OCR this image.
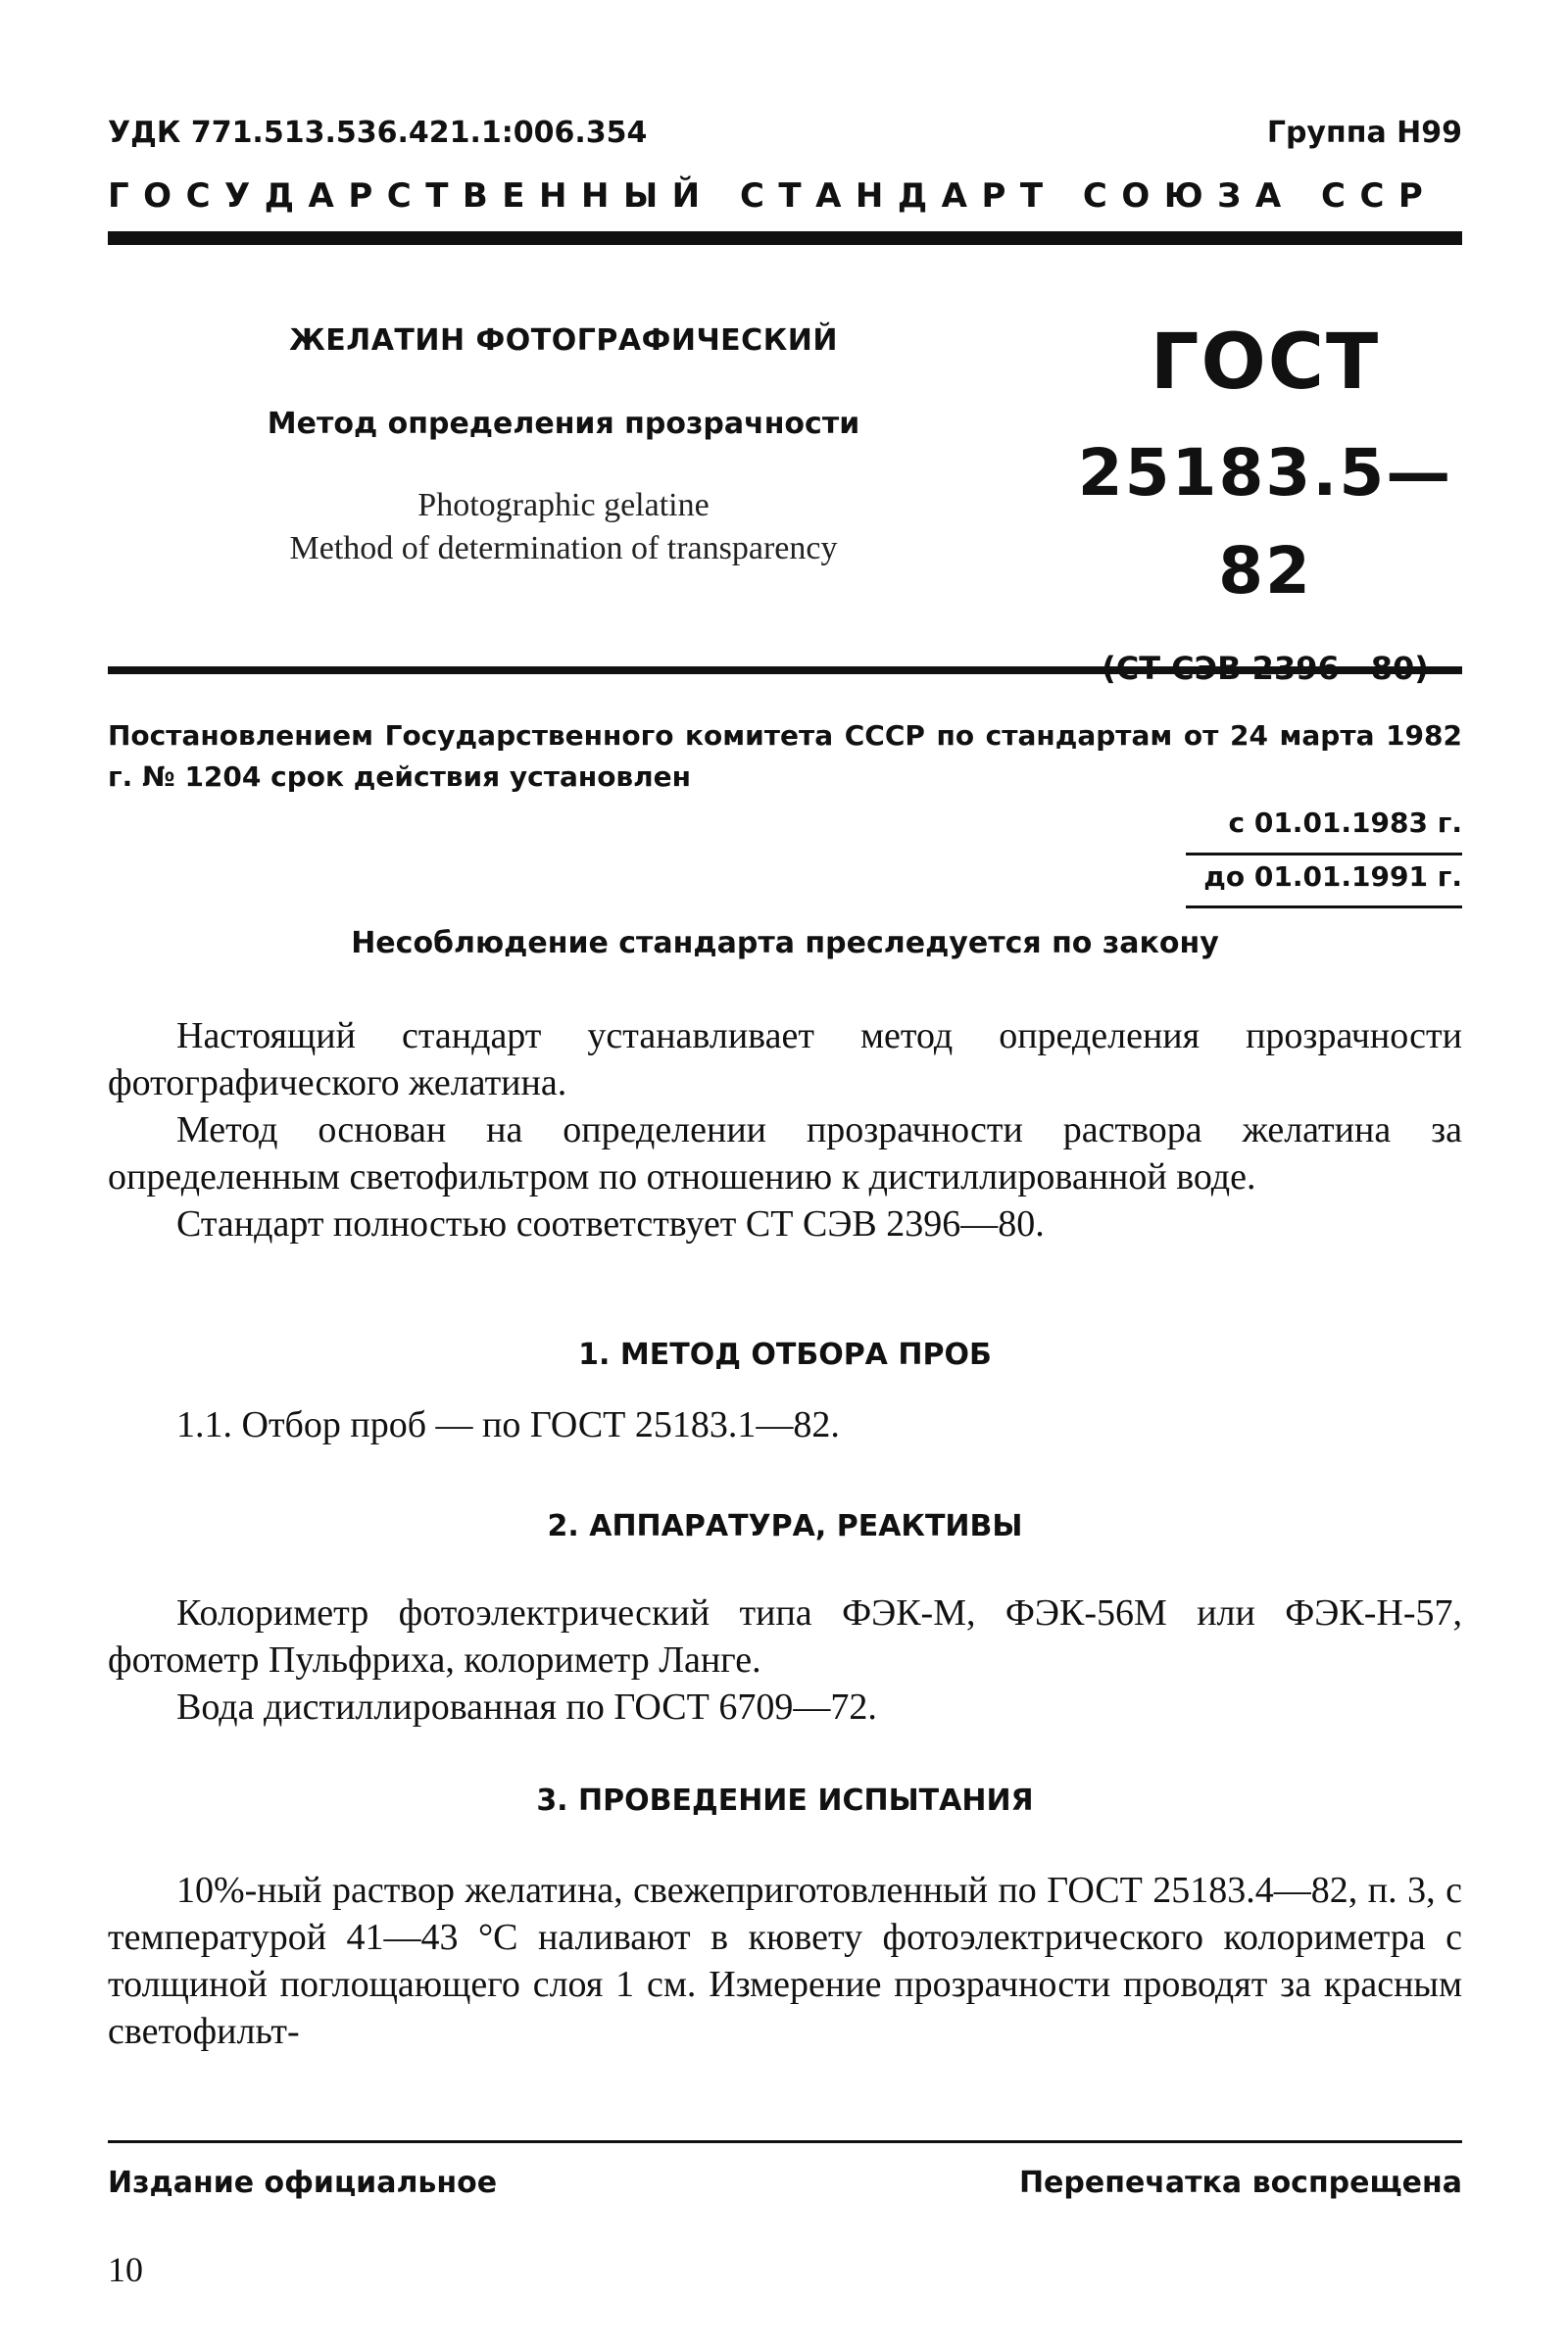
УДК 771.513.536.421.1:006.354	Группа Н99
ГОСУДАРСТВЕННЫЙ СТАНДАРТ СОЮЗА ССР
ЖЕЛАТИН ФОТОГРАФИЧЕСКИЙ
Метод определения прозрачности
Photographic gelatine
Method of determination of transparency
ГОСТ
25183.5—82
Постановлением Государственного комитета СССР по стандартам от 24 марта 1982 г. № 1204 срок действия установлен
с 01.01.1983 г.
до 01.01.1991 г.
Несоблюдение стандарта преследуется по закону

Настоящий стандарт устанавливает метод определения прозрачности фотографического желатина.

Метод основан на определении прозрачности раствора желатина за определенным светофильтром по отношению к дистиллированной воде.

Стандарт полностью соответствует СТ СЭВ 2396—80.

1. МЕТОД ОТБОРА ПРОБ

1.1. Отбор проб — по ГОСТ 25183.1—82.

2. АППАРАТУРА, РЕАКТИВЫ

Колориметр фотоэлектрический типа ФЭК-М, ФЭК-56М или ФЭК-Н-57, фотометр Пульфриха, колориметр Ланге.

Вода дистиллированная по ГОСТ 6709—72.

3. ПРОВЕДЕНИЕ ИСПЫТАНИЯ

10%-ный раствор желатина, свежеприготовленный по ГОСТ 25183.4—82, п. 3, с температурой 41—43 °С наливают в кювету фотоэлектрического колориметра с толщиной поглощающего слоя 1 см. Измерение прозрачности проводят за красным светофильт-

Издание официальное	Перепечатка воспрещена
10
